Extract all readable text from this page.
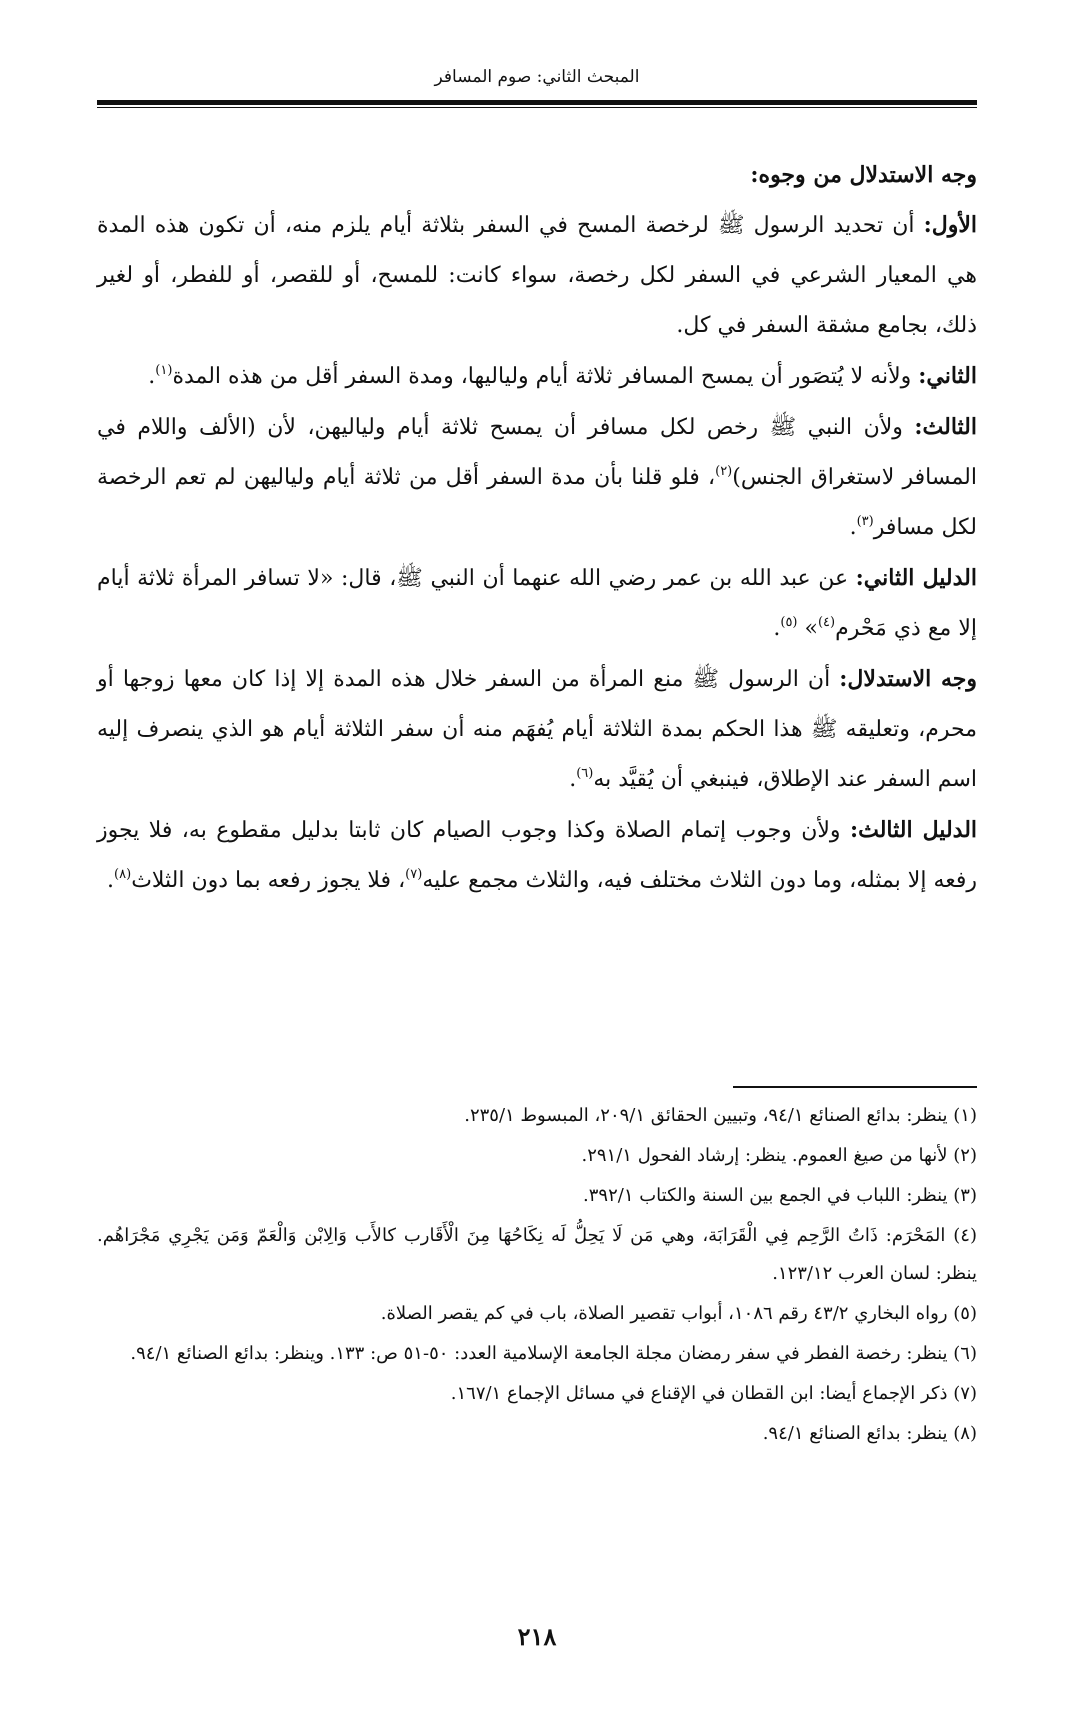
المبحث الثاني: صوم المسافر

وجه الاستدلال من وجوه:

الأول: أن تحديد الرسول ﷺ لرخصة المسح في السفر بثلاثة أيام يلزم منه، أن تكون هذه المدة هي المعيار الشرعي في السفر لكل رخصة، سواء كانت: للمسح، أو للقصر، أو للفطر، أو لغير ذلك، بجامع مشقة السفر في كل.

الثاني: ولأنه لا يُتصَور أن يمسح المسافر ثلاثة أيام ولياليها، ومدة السفر أقل من هذه المدة$^{(١)}$.

الثالث: ولأن النبي ﷺ رخص لكل مسافر أن يمسح ثلاثة أيام ولياليهن، لأن (الألف واللام في المسافر لاستغراق الجنس)$^{(٢)}$، فلو قلنا بأن مدة السفر أقل من ثلاثة أيام ولياليهن لم تعم الرخصة لكل مسافر$^{(٣)}$.

الدليل الثاني: عن عبد الله بن عمر رضي الله عنهما أن النبي ﷺ، قال: «لا تسافر المرأة ثلاثة أيام إلا مع ذي مَحْرم$^{(٤)}$» $^{(٥)}$.

وجه الاستدلال: أن الرسول ﷺ منع المرأة من السفر خلال هذه المدة إلا إذا كان معها زوجها أو محرم، وتعليقه ﷺ هذا الحكم بمدة الثلاثة أيام يُفهَم منه أن سفر الثلاثة أيام هو الذي ينصرف إليه اسم السفر عند الإطلاق، فينبغي أن يُقيَّد به$^{(٦)}$.

الدليل الثالث: ولأن وجوب إتمام الصلاة وكذا وجوب الصيام كان ثابتا بدليل مقطوع به، فلا يجوز رفعه إلا بمثله، وما دون الثلاث مختلف فيه، والثلاث مجمع عليه$^{(٧)}$، فلا يجوز رفعه بما دون الثلاث$^{(٨)}$.

(١) ينظر: بدائع الصنائع ٩٤/١، وتبيين الحقائق ٢٠٩/١، المبسوط ٢٣٥/١.

(٢) لأنها من صيغ العموم. ينظر: إرشاد الفحول ٢٩١/١.

(٣) ينظر: اللباب في الجمع بين السنة والكتاب ٣٩٢/١.

(٤) المَحْرَم: ذَاتُ الرَّحِم فِي الْقَرَابَة، وهي مَن لَا يَحِلُّ لَه نِكَاحُهَا مِنَ الْأَقَارب كالأَب وَالِابْن وَالْعَمّ وَمَن يَجْرِي مَجْرَاهُم. ينظر: لسان العرب ١٢٣/١٢.

(٥) رواه البخاري ٤٣/٢ رقم ١٠٨٦، أبواب تقصير الصلاة، باب في كم يقصر الصلاة.

(٦) ينظر: رخصة الفطر في سفر رمضان مجلة الجامعة الإسلامية العدد: ٥٠-٥١ ص: ١٣٣. وينظر: بدائع الصنائع ٩٤/١.

(٧) ذكر الإجماع أيضا: ابن القطان في الإقناع في مسائل الإجماع ١٦٧/١.

(٨) ينظر: بدائع الصنائع ٩٤/١.

٢١٨
